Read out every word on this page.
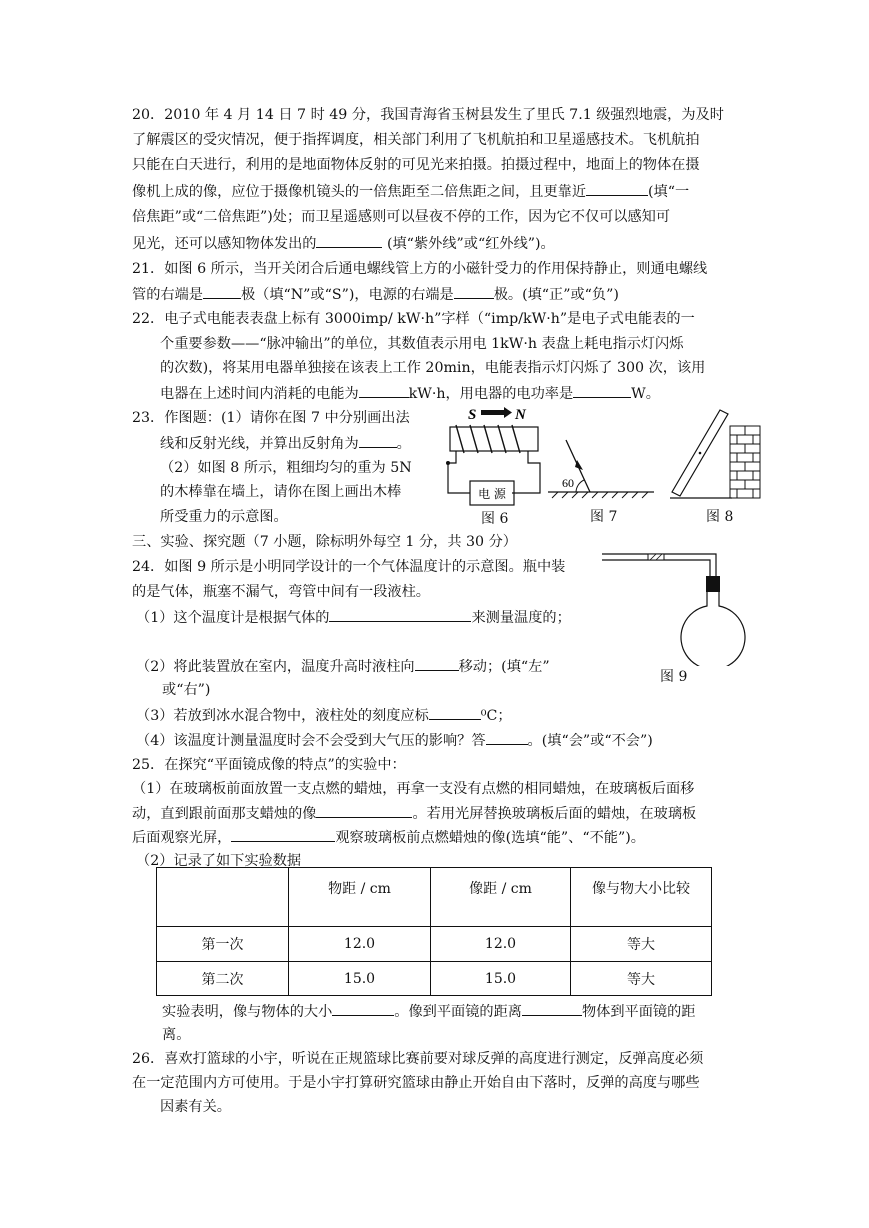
20．2010 年 4 月 14 日 7 时 49 分，我国青海省玉树县发生了里氏 7.1 级强烈地震，为及时
了解震区的受灾情况，便于指挥调度，相关部门利用了飞机航拍和卫星遥感技术。飞机航拍
只能在白天进行，利用的是地面物体反射的可见光来拍摄。拍摄过程中，地面上的物体在摄
像机上成的像，应位于摄像机镜头的一倍焦距至二倍焦距之间，且更靠近	(填“一
倍焦距”或“二倍焦距”)处；而卫星遥感则可以昼夜不停的工作，因为它不仅可以感知可
见光，还可以感知物体发出的	(填“紫外线”或“红外线”)。
21．如图 6 所示，当开关闭合后通电螺线管上方的小磁针受力的作用保持静止，则通电螺线
管的右端是	极（填“N”或“S”)，电源的右端是	极。(填“正”或“负”)
22．电子式电能表表盘上标有 3000imp/ kW·h”字样（“imp/kW·h”是电子式电能表的一
个重要参数——“脉冲输出”的单位，其数值表示用电 1kW·h 表盘上耗电指示灯闪烁
的次数)，将某用电器单独接在该表上工作 20min，电能表指示灯闪烁了 300 次，该用
电器在上述时间内消耗的电能为	kW·h，用电器的电功率是	W。
23．作图题：(1）请你在图 7 中分别画出法
线和反射光线，并算出反射角为	。
（2）如图 8 所示，粗细均匀的重为 5N
的木棒靠在墙上，请你在图上画出木棒
所受重力的示意图。
S	N
电 源
图 6
60
图 7	图 8
三、实验、探究题（7 小题，除标明外每空 1 分，共 30 分）
24．如图 9 所示是小明同学设计的一个气体温度计的示意图。瓶中装
的是气体，瓶塞不漏气，弯管中间有一段液柱。
（1）这个温度计是根据气体的	来测量温度的；
（2）将此装置放在室内，温度升高时液柱向	移动；(填“左”
或“右”)
（3）若放到冰水混合物中，液柱处的刻度应标	⁰C；
（4）该温度计测量温度时会不会受到大气压的影响？答	。(填“会”或“不会”)
图 9
25．在探究“平面镜成像的特点”的实验中：
（1）在玻璃板前面放置一支点燃的蜡烛，再拿一支没有点燃的相同蜡烛，在玻璃板后面移
动，直到跟前面那支蜡烛的像	。若用光屏替换玻璃板后面的蜡烛，在玻璃板
后面观察光屏，	观察玻璃板前点燃蜡烛的像(选填“能”、“不能”)。
（2）记录了如下实验数据
	物距 / cm	像距 / cm	像与物大小比较
第一次	12.0	12.0	等大
第二次	15.0	15.0	等大
实验表明，像与物体的大小	。像到平面镜的距离	物体到平面镜的距
离。
26．喜欢打篮球的小宇，听说在正规篮球比赛前要对球反弹的高度进行测定，反弹高度必须
在一定范围内方可使用。于是小宇打算研究篮球由静止开始自由下落时，反弹的高度与哪些
因素有关。
